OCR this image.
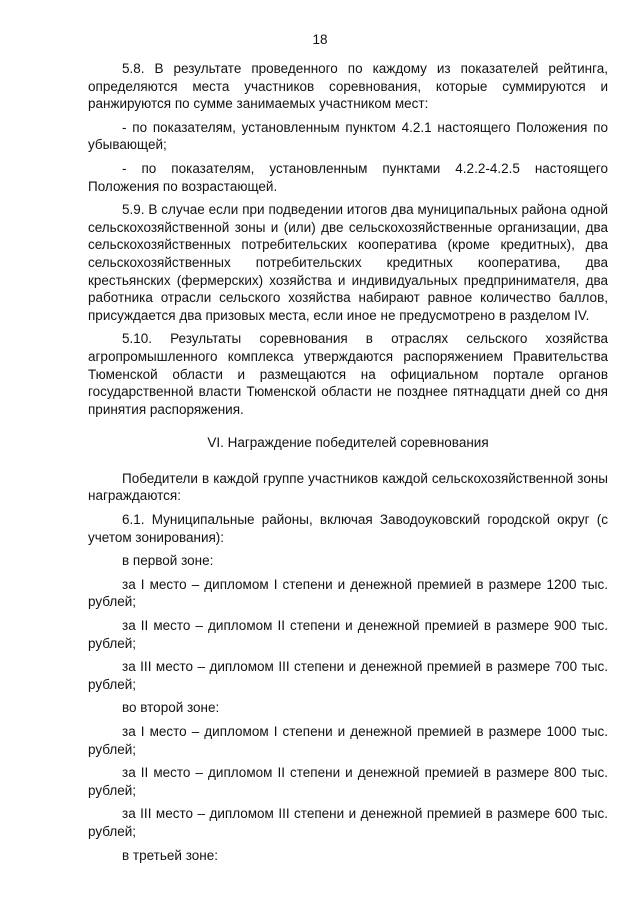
18

5.8. В результате проведенного по каждому из показателей рейтинга, определяются места участников соревнования, которые суммируются и ранжируются по сумме занимаемых участником мест:

- по показателям, установленным пунктом 4.2.1 настоящего Положения по убывающей;

- по показателям, установленным пунктами 4.2.2-4.2.5 настоящего Положения по возрастающей.

5.9. В случае если при подведении итогов два муниципальных района одной сельскохозяйственной зоны и (или) две сельскохозяйственные организации, два сельскохозяйственных потребительских кооператива (кроме кредитных), два сельскохозяйственных потребительских кредитных кооператива, два крестьянских (фермерских) хозяйства и индивидуальных предпринимателя, два работника отрасли сельского хозяйства набирают равное количество баллов, присуждается два призовых места, если иное не предусмотрено в разделом IV.

5.10. Результаты соревнования в отраслях сельского хозяйства агропромышленного комплекса утверждаются распоряжением Правительства Тюменской области и размещаются на официальном портале органов государственной власти Тюменской области не позднее пятнадцати дней со дня принятия распоряжения.

VI. Награждение победителей соревнования

Победители в каждой группе участников каждой сельскохозяйственной зоны награждаются:

6.1. Муниципальные районы, включая Заводоуковский городской округ (с учетом зонирования):

в первой зоне:

за I место – дипломом I степени и денежной премией в размере 1200 тыс. рублей;

за II место – дипломом II степени и денежной премией в размере 900 тыс. рублей;

за III место – дипломом III степени и денежной премией в размере 700 тыс. рублей;

во второй зоне:

за I место – дипломом I степени и денежной премией в размере 1000 тыс. рублей;

за II место – дипломом II степени и денежной премией в размере 800 тыс. рублей;

за III место – дипломом III степени и денежной премией в размере 600 тыс. рублей;

в третьей зоне:
